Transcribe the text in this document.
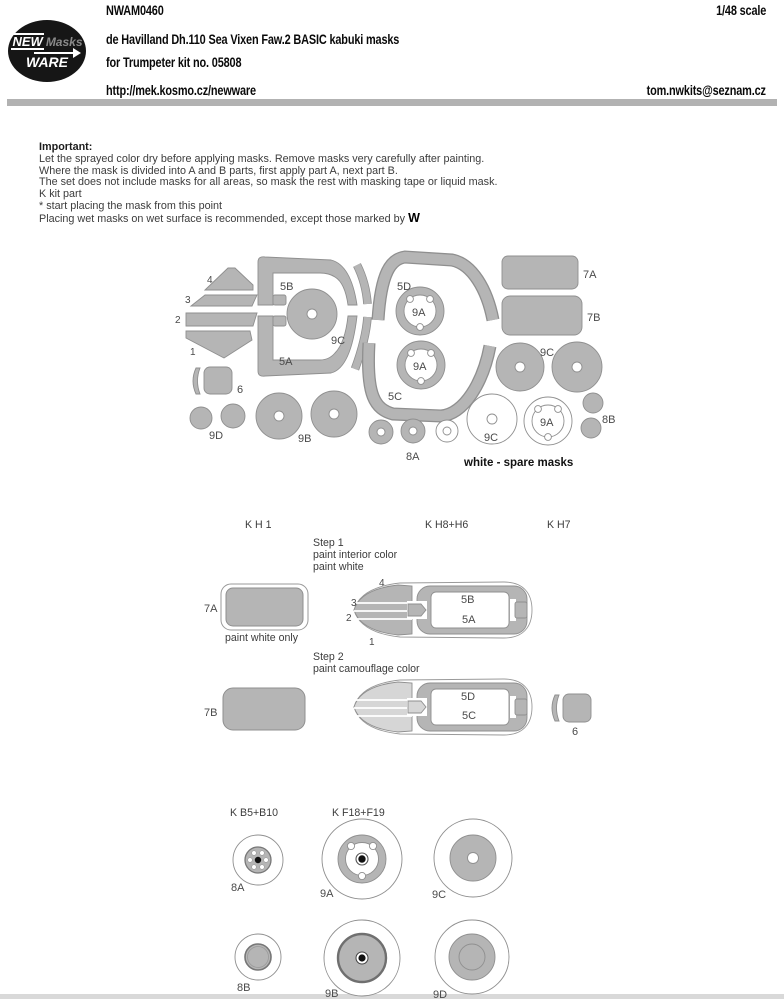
NEW Masks
WARE
NWAM0460	1/48 scale
de Havilland Dh.110 Sea Vixen Faw.2 BASIC kabuki masks
for Trumpeter kit no. 05808
http://mek.kosmo.cz/newware	tom.nwkits@seznam.cz
Important:
Let the sprayed color dry before applying masks. Remove masks very carefully after painting.
Where the mask is divided into A and B parts, first apply part A, next part B.
The set does not include masks for all areas, so mask the rest with masking tape or liquid mask.
K kit part
* start placing the mask from this point
Placing wet masks on wet surface is recommended, except those marked by W
4
3
2
1
5B
5A
9C
5D
9A
9A
5C
7A
7B
9C
8B
6
9D	9B
8A
9C
9A
white - spare masks
K H 1	K H8+H6	K H7
Step 1
paint interior color
paint white
7A
paint white only
4
3
2
1
5B
5A
Step 2
paint camouflage color
7B
5D
5C
6
K B5+B10	K F18+F19
8A	9A	9C
8B	9B	9D
